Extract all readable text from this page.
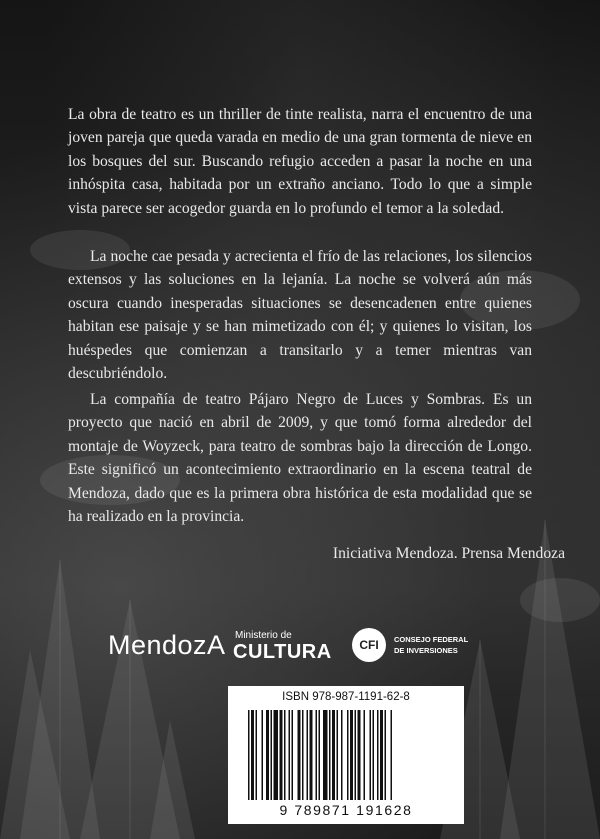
La obra de teatro es un thriller de tinte realista, narra el encuentro de una joven pareja que queda varada en medio de una gran tormenta de nieve en los bosques del sur. Buscando refugio acceden a pasar la noche en una inhóspita casa, habitada por un extraño anciano. Todo lo que a simple vista parece ser acogedor guarda en lo profundo el temor a la soledad.

La noche cae pesada y acrecienta el frío de las relaciones, los silencios extensos y las soluciones en la lejanía. La noche se volverá aún más oscura cuando inesperadas situaciones se desencadenen entre quienes habitan ese paisaje y se han mimetizado con él; y quienes lo visitan, los huéspedes que comienzan a transitarlo y a temer mientras van descubriéndolo.

La compañía de teatro Pájaro Negro de Luces y Sombras. Es un proyecto que nació en abril de 2009, y que tomó forma alrededor del montaje de Woyzeck, para teatro de sombras bajo la dirección de Longo. Este significó un acontecimiento extraordinario en la escena teatral de Mendoza, dado que es la primera obra histórica de esta modalidad que se ha realizado en la provincia.

Iniciativa Mendoza. Prensa Mendoza

MendozA Ministerio de
CULTURA	CFI	CONSEJO FEDERAL
DE INVERSIONES
ISBN 978-987-1191-62-8
9 789871 191628
